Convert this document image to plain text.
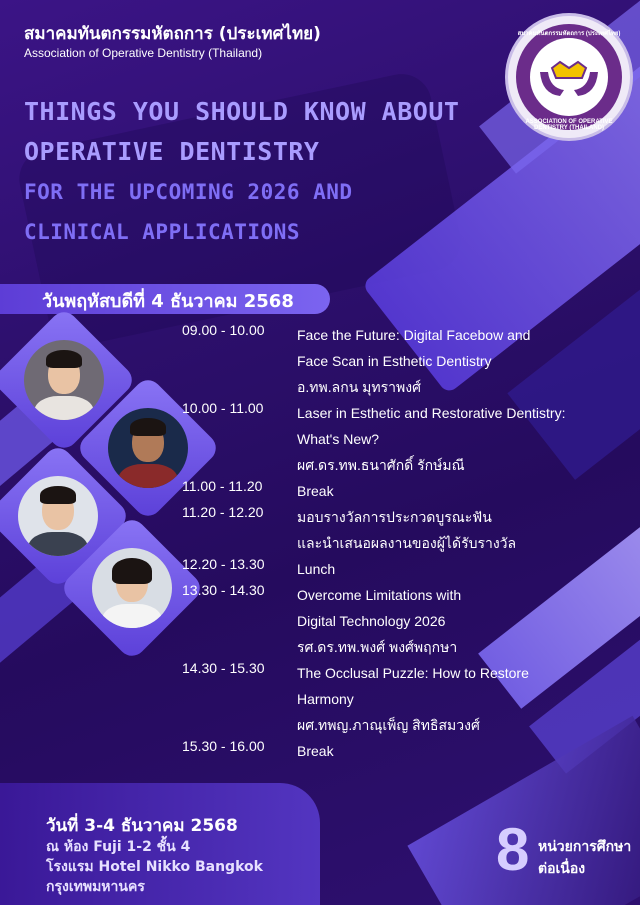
สมาคมทันตกรรมหัตถการ (ประเทศไทย)
Association of Operative Dentistry (Thailand)
สมาคมทันตกรรมหัตถการ (ประเทศไทย)
ASSOCIATION OF OPERATIVE DENTISTRY (THAILAND)
THINGS YOU SHOULD KNOW ABOUT
OPERATIVE DENTISTRY
FOR THE UPCOMING 2026 AND
CLINICAL APPLICATIONS
วันพฤหัสบดีที่ 4 ธันวาคม 2568
09.00 - 10.00	Face the Future: Digital Facebow and
Face Scan in Esthetic Dentistry
อ.ทพ.ลกน มุทราพงศ์
10.00 - 11.00	Laser in Esthetic and Restorative Dentistry:
What's New?
ผศ.ดร.ทพ.ธนาศักดิ์ รักษ์มณี
11.00 - 11.20	Break
11.20 - 12.20	มอบรางวัลการประกวดบูรณะฟัน
และนำเสนอผลงานของผู้ได้รับรางวัล
12.20 - 13.30	Lunch
13.30 - 14.30	Overcome Limitations with
Digital Technology 2026
รศ.ดร.ทพ.พงศ์ พงศ์พฤกษา
14.30 - 15.30	The Occlusal Puzzle: How to Restore
Harmony
ผศ.ทพญ.ภาณุเพ็ญ สิทธิสมวงศ์
15.30 - 16.00	Break
วันที่ 3-4 ธันวาคม 2568
ณ ห้อง Fuji 1-2 ชั้น 4
โรงแรม Hotel Nikko Bangkok
กรุงเทพมหานคร
8 หน่วยการศึกษา
ต่อเนื่อง
